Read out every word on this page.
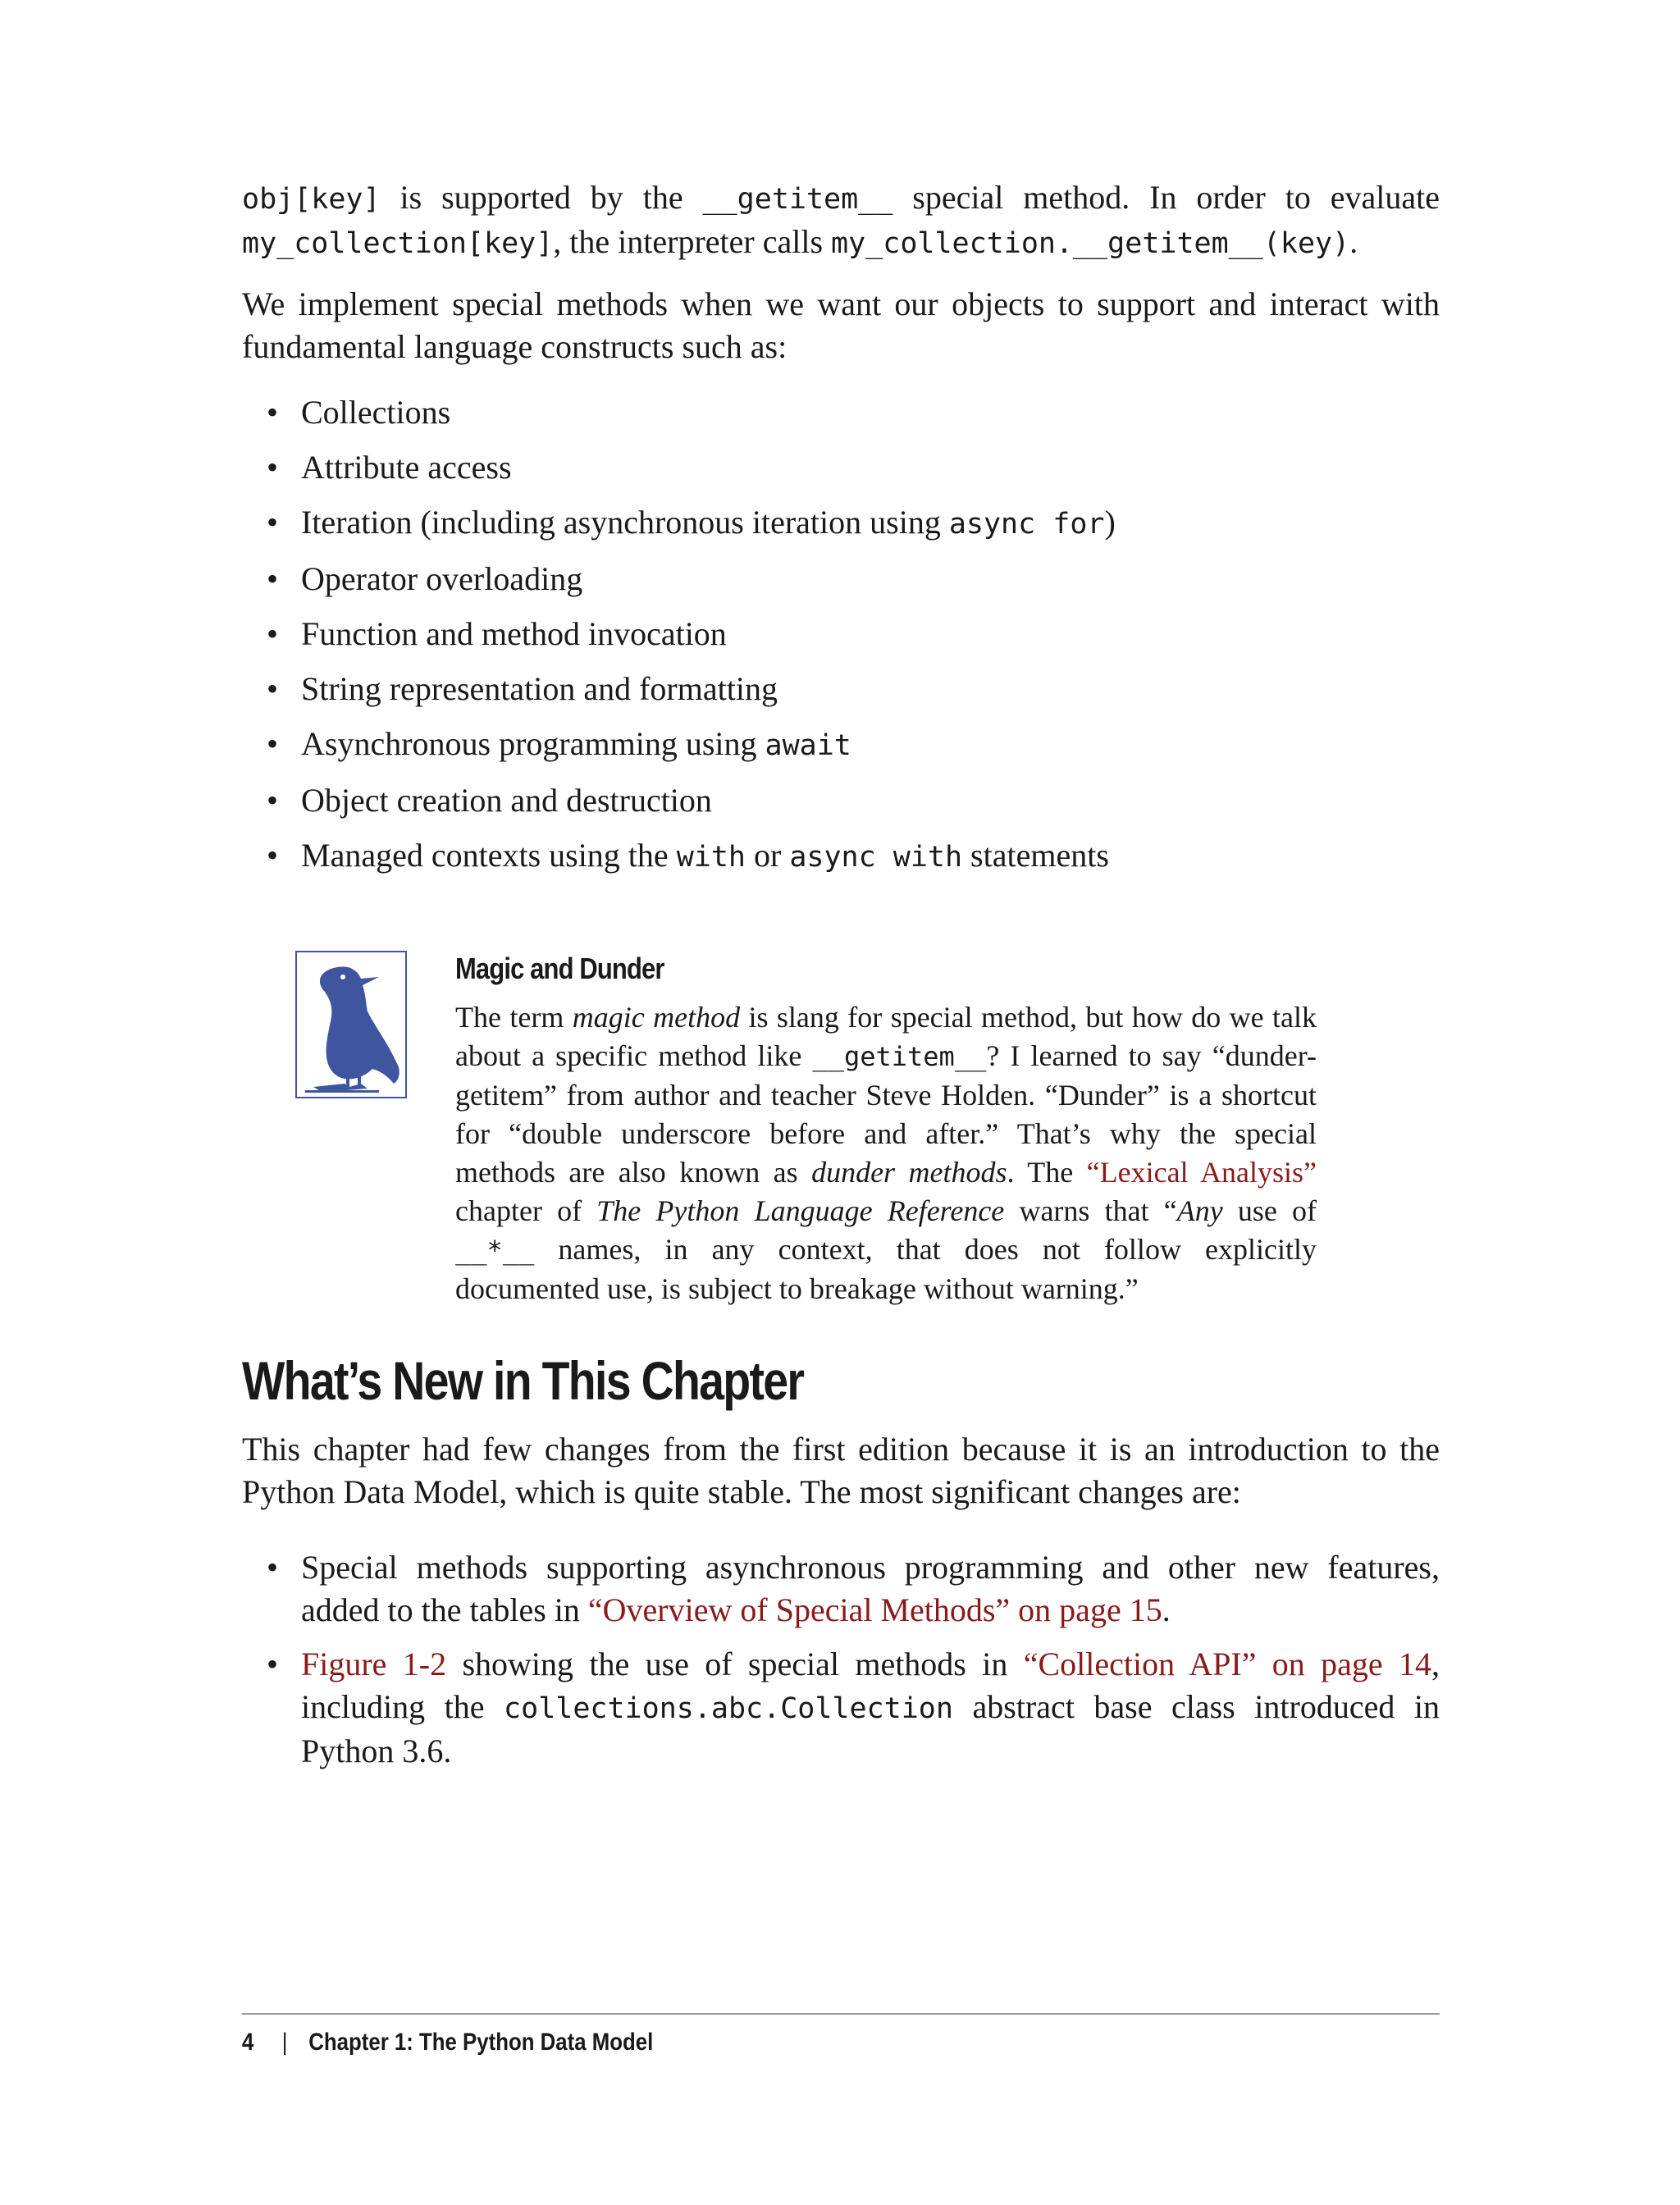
obj[key] is supported by the __getitem__ special method. In order to evaluate my_collection[key], the interpreter calls my_collection.__getitem__(key).

We implement special methods when we want our objects to support and interact with fundamental language constructs such as:

• Collections
• Attribute access
• Iteration (including asynchronous iteration using async for)
• Operator overloading
• Function and method invocation
• String representation and formatting
• Asynchronous programming using await
• Object creation and destruction
• Managed contexts using the with or async with statements
Magic and Dunder

The term magic method is slang for special method, but how do we talk about a specific method like __getitem__? I learned to say “dunder-getitem” from author and teacher Steve Holden. “Dunder” is a shortcut for “double underscore before and after.” That’s why the special methods are also known as dunder methods. The “Lexical Analysis” chapter of The Python Language Reference warns that “Any use of __*__ names, in any context, that does not follow explicitly documented use, is subject to breakage without warning.”

What’s New in This Chapter

This chapter had few changes from the first edition because it is an introduction to the Python Data Model, which is quite stable. The most significant changes are:

• Special methods supporting asynchronous programming and other new features, added to the tables in “Overview of Special Methods” on page 15.
• Figure 1-2 showing the use of special methods in “Collection API” on page 14, including the collections.abc.Collection abstract base class introduced in Python 3.6.
4 | Chapter 1: The Python Data Model
